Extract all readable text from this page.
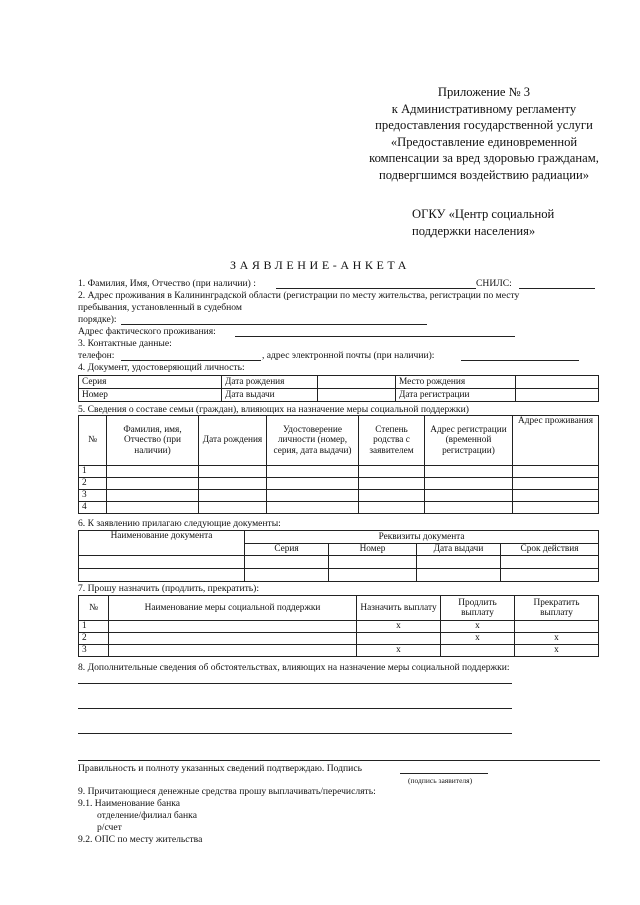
Приложение № 3
к Административному регламенту
предоставления государственной услуги
«Предоставление единовременной
компенсации за вред здоровью гражданам,
подвергшимся воздействию радиации»
ОГКУ «Центр социальной
поддержки населения»
ЗАЯВЛЕНИЕ-АНКЕТА
1. Фамилия, Имя, Отчество (при наличии) :	СНИЛС:
2. Адрес проживания в Калининградской области (регистрации по месту жительства, регистрации по месту
пребывания, установленный в судебном
порядке):
Адрес фактического проживания:
3. Контактные данные:
телефон:	, адрес электронной почты (при наличии):
4. Документ, удостоверяющий личность:
Серия	Дата рождения		Место рождения	
Номер	Дата выдачи		Дата регистрации	
5. Сведения о составе семьи (граждан), влияющих на назначение меры социальной поддержки)
№	Фамилия, имя, Отчество (при наличии)	Дата рождения	Удостоверение личности (номер, серия, дата выдачи)	Степень родства с заявителем	Адрес регистрации (временной регистрации)	Адрес проживания
1						
2						
3						
4						
6. К заявлению прилагаю следующие документы:
Наименование документа	Реквизиты документа			
	Серия	Номер	Дата выдачи	Срок действия

7. Прошу назначить (продлить, прекратить):
№	Наименование меры социальной поддержки	Назначить выплату	Продлить выплату	Прекратить выплату
1		x	x	
2			x	x
3		x		x
8. Дополнительные сведения об обстоятельствах, влияющих на назначение меры социальной поддержки:
Правильность и полноту указанных сведений подтверждаю. Подпись
(подпись заявителя)
9. Причитающиеся денежные средства прошу выплачивать/перечислять:
9.1. Наименование банка
отделение/филиал банка
р/счет
9.2. ОПС по месту жительства
